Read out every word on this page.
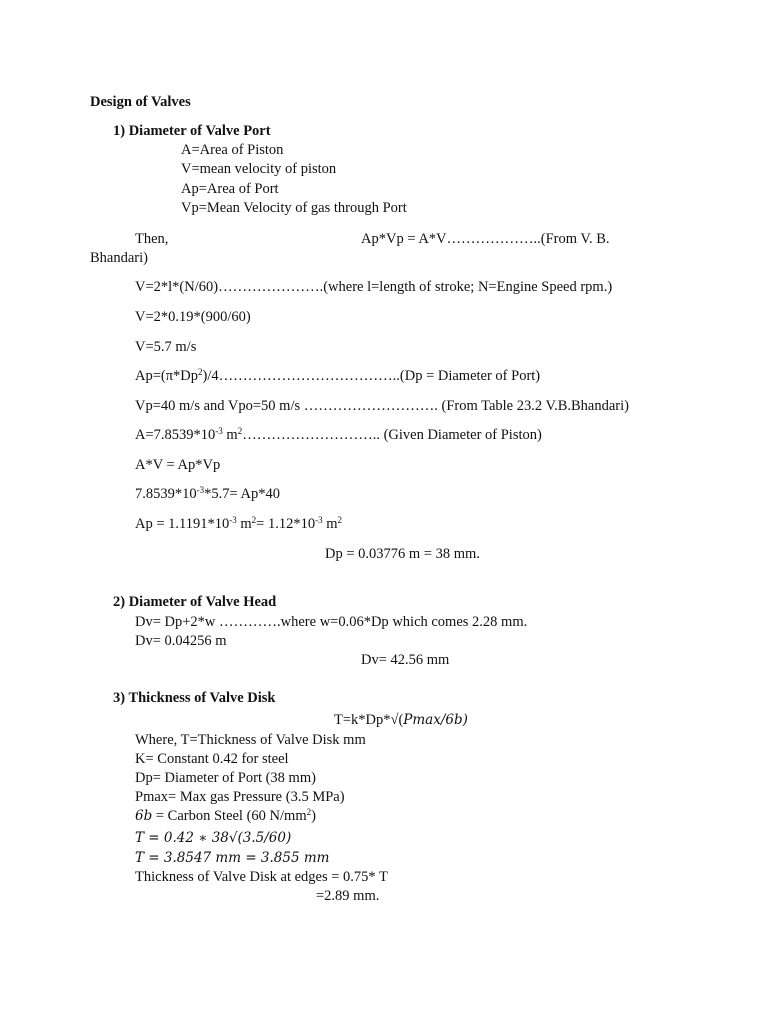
Design of Valves
1) Diameter of Valve Port
A=Area of Piston
V=mean velocity of piston
Ap=Area of Port
Vp=Mean Velocity of gas through Port
Then,	Ap*Vp = A*V………………..(From V. B.
Bhandari)
V=2*l*(N/60)………………….(where l=length of stroke; N=Engine Speed rpm.)
V=2*0.19*(900/60)
V=5.7 m/s
$Ap=(\pi*Dp^2)/4\dots\dots\dots\dots\dots\dots\dots\dots\dots\dots\dots\dots..(Dp$ = Diameter of Port)
Vp=40 m/s and Vpo=50 m/s ………………………. (From Table 23.2 V.B.Bhandari)
$A=7.8539*10^{-3}$ $m^2\dots\dots\dots\dots\dots\dots\dots\dots\dots$.. (Given Diameter of Piston)
A*V = Ap*Vp
$7.8539*10^{-3}*5.7= Ap*40$
$Ap = 1.1191*10^{-3}$ $m^2= 1.12*10^{-3}$ $m^2$
Dp = 0.03776 m = 38 mm.
2) Diameter of Valve Head
Dv= Dp+2*w ………….where w=0.06*Dp which comes 2.28 mm.
Dv= 0.04256 m
Dv= 42.56 mm
3) Thickness of Valve Disk
T=k*Dp*√(Pmax/6b)
Where, T=Thickness of Valve Disk mm
K= Constant 0.42 for steel
Dp= Diameter of Port (38 mm)
Pmax= Max gas Pressure (3.5 MPa)
6b = Carbon Steel (60 $N/mm^2$)
T = 0.42 ∗ 38√(3.5/60)
T = 3.8547 mm = 3.855 mm
Thickness of Valve Disk at edges = 0.75* T
=2.89 mm.
